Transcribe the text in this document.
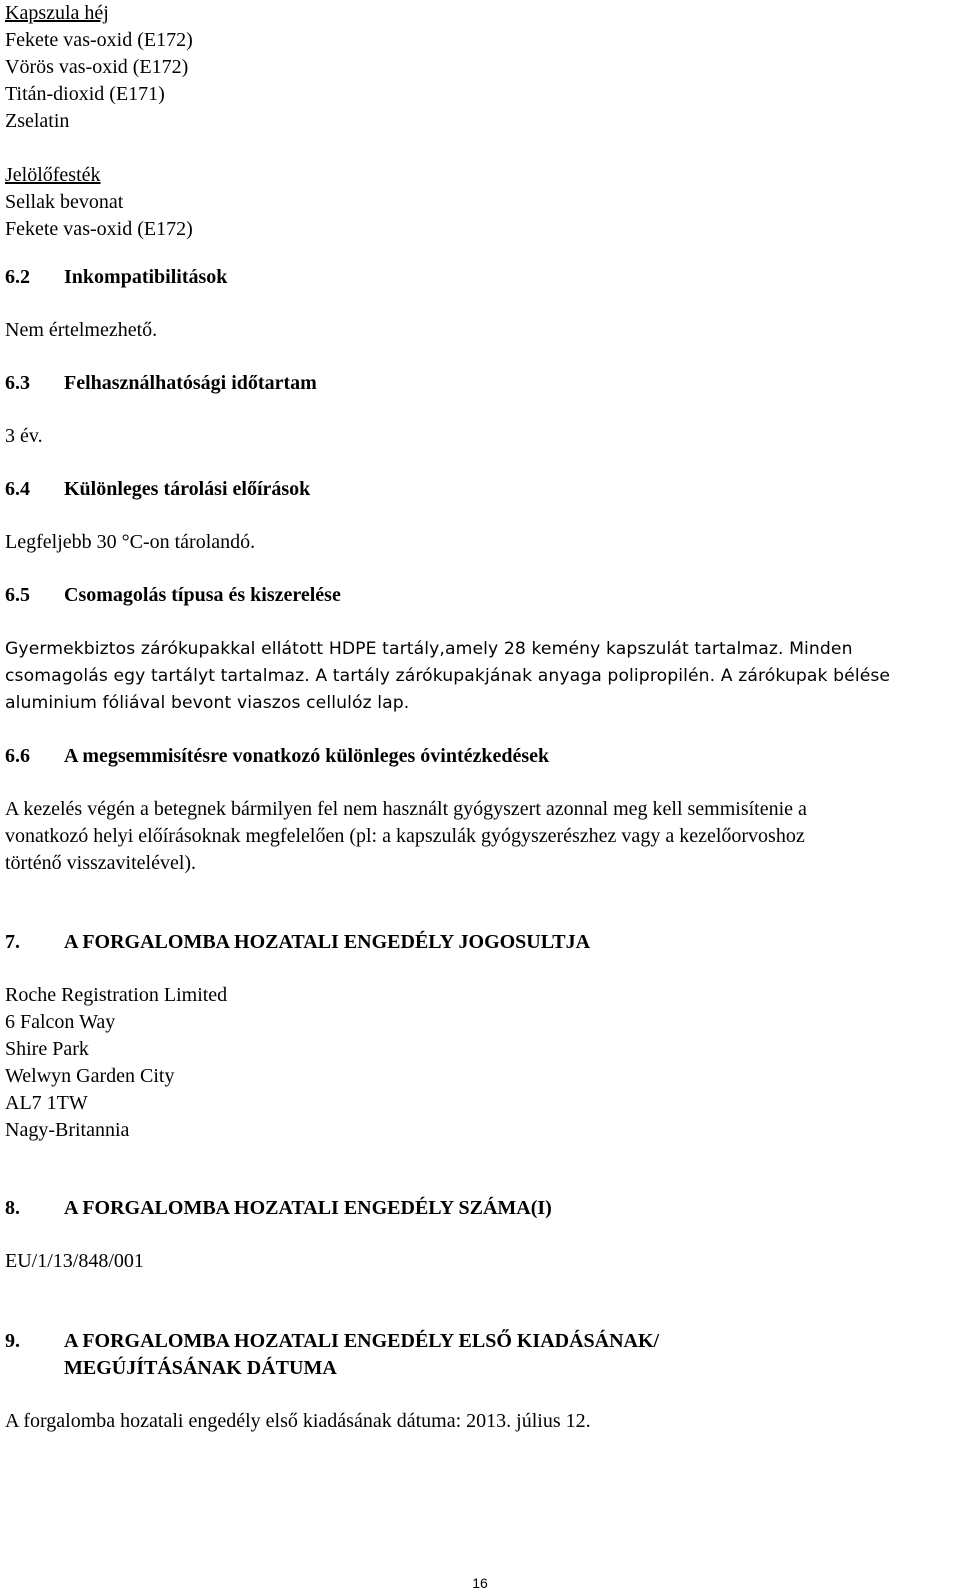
Kapszula héj
Fekete vas-oxid (E172)
Vörös vas-oxid (E172)
Titán-dioxid (E171)
Zselatin
Jelölőfesték
Sellak bevonat
Fekete vas-oxid (E172)
6.2	Inkompatibilitások
Nem értelmezhető.
6.3	Felhasználhatósági időtartam
3 év.
6.4	Különleges tárolási előírások
Legfeljebb 30 °C-on tárolandó.
6.5	Csomagolás típusa és kiszerelése
Gyermekbiztos zárókupakkal ellátott HDPE tartály,amely 28 kemény kapszulát tartalmaz. Minden
csomagolás egy tartályt tartalmaz. A tartály zárókupakjának anyaga polipropilén. A zárókupak bélése
aluminium fóliával bevont viaszos cellulóz lap.
6.6	A megsemmisítésre vonatkozó különleges óvintézkedések
A kezelés végén a betegnek bármilyen fel nem használt gyógyszert azonnal meg kell semmisítenie a
vonatkozó helyi előírásoknak megfelelően (pl: a kapszulák gyógyszerészhez vagy a kezelőorvoshoz
történő visszavitelével).
7.	A FORGALOMBA HOZATALI ENGEDÉLY JOGOSULTJA
Roche Registration Limited
6 Falcon Way
Shire Park
Welwyn Garden City
AL7 1TW
Nagy-Britannia
8.	A FORGALOMBA HOZATALI ENGEDÉLY SZÁMA(I)
EU/1/13/848/001
9.	A FORGALOMBA HOZATALI ENGEDÉLY ELSŐ KIADÁSÁNAK/
MEGÚJÍTÁSÁNAK DÁTUMA
A forgalomba hozatali engedély első kiadásának dátuma: 2013. július 12.
16
